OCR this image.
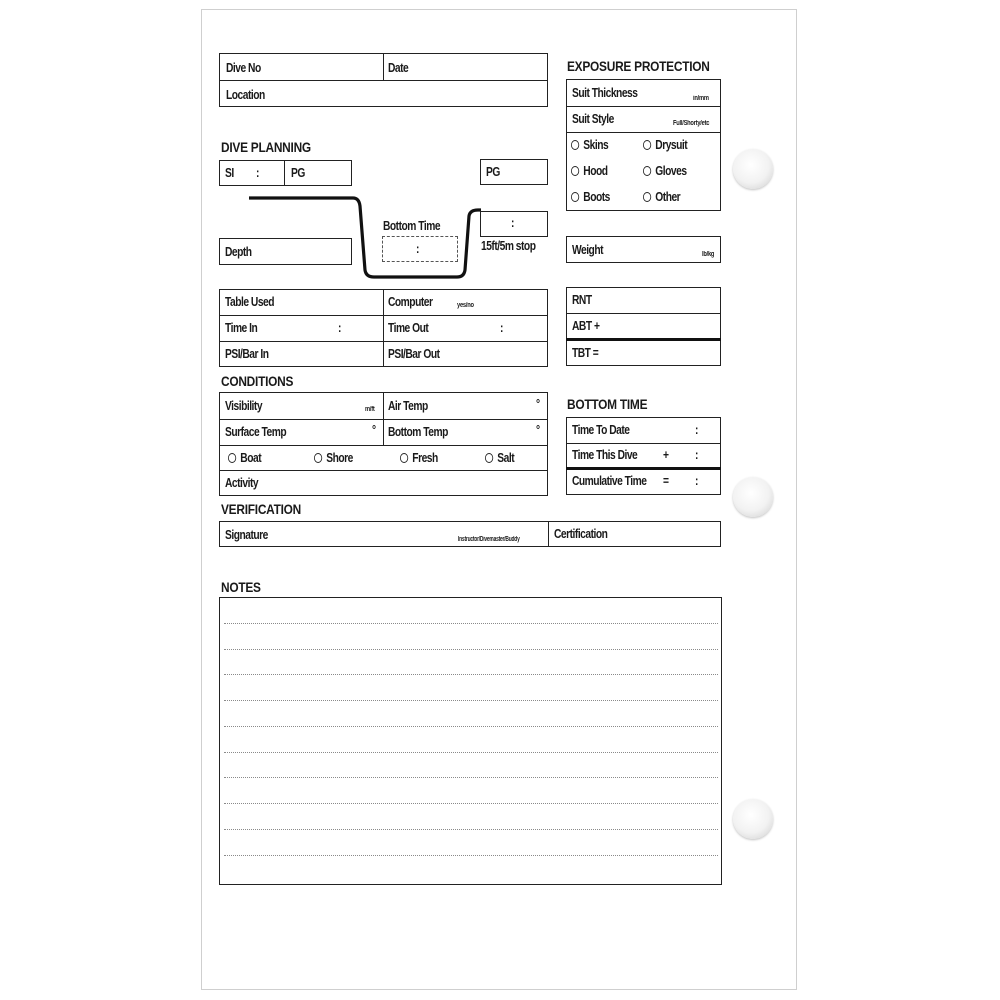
Dive No	Date
Location
DIVE PLANNING
SI :	PG	PG
Bottom Time
:
:
15ft/5m stop
Depth
EXPOSURE PROTECTION
Suit Thickness	in/mm
Suit Style	Full/Shorty/etc
Skins	Drysuit
Hood	Gloves
Boots	Other
Weight	lb/kg
Table Used	Computer	yes/no
Time In	:	Time Out	:
PSI/Bar In	PSI/Bar Out
RNT
ABT +
TBT =
CONDITIONS
Visibility	m/ft Air Temp	°
Surface Temp	° Bottom Temp	°
Boat	Shore	Fresh	Salt
Activity
BOTTOM TIME
Time To Date	:
Time This Dive + :
Cumulative Time = :
VERIFICATION
Signature	Instructor/Divemaster/Buddy	Certification
NOTES
